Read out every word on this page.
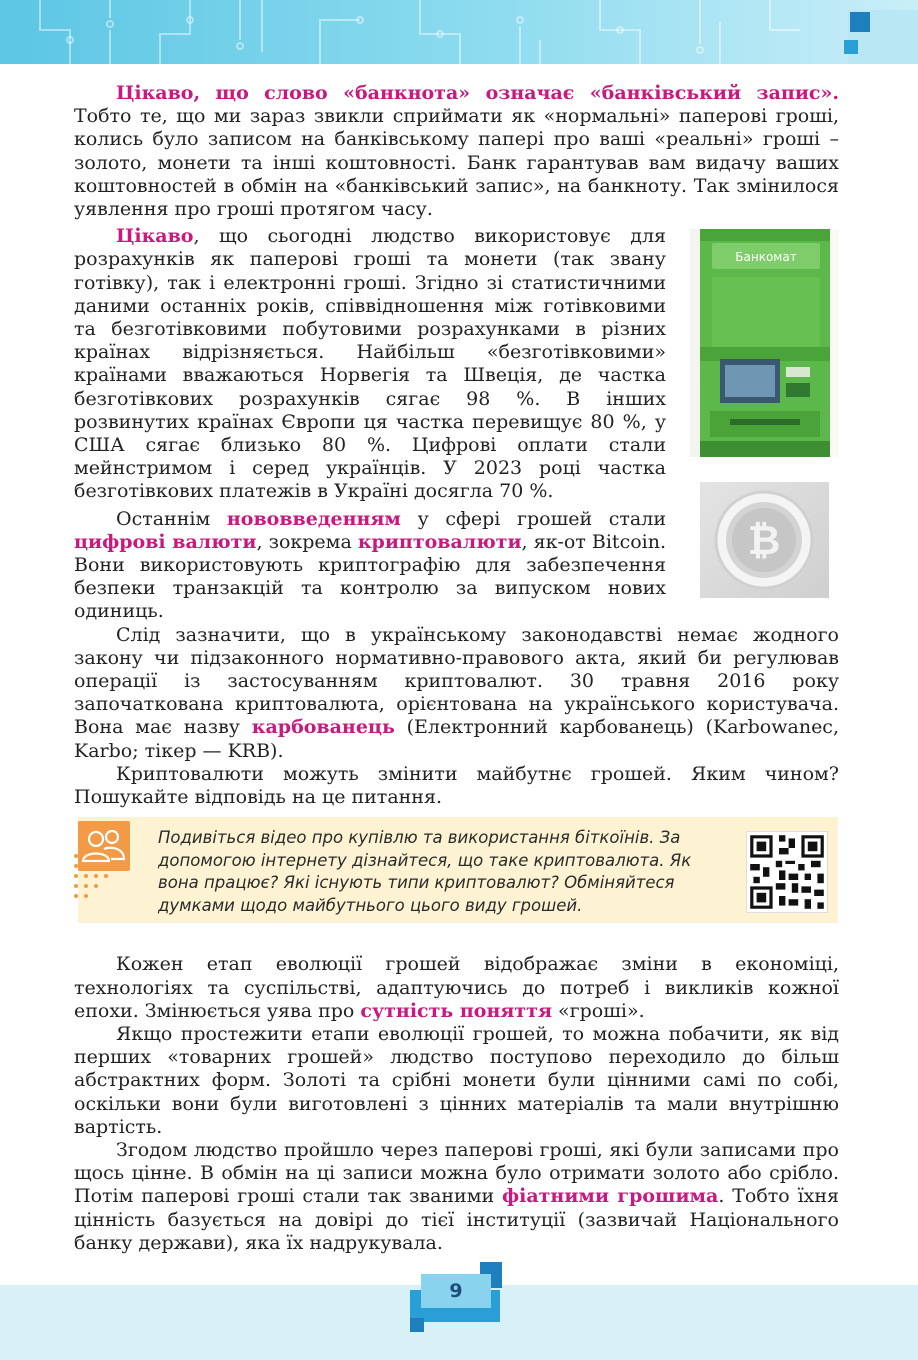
Цікаво, що слово «банкнота» означає «банківський запис». Тобто те, що ми зараз звикли сприймати як «нормальні» паперові гроші, колись було записом на банківському папері про ваші «реальні» гроші – золото, монети та інші коштовності. Банк гарантував вам видачу ваших коштовностей в обмін на «банківський запис», на банкноту. Так змінилося уявлення про гроші протягом часу.

Цікаво, що сьогодні людство використовує для розрахунків як паперові гроші та монети (так звану готівку), так і електронні гроші. Згідно зі статистичними даними останніх років, співвідношення між готівковими та безготівковими побутовими розрахунками в різних країнах відрізняється. Найбільш «безготівковими» країнами вважаються Норвегія та Швеція, де частка безготівкових розрахунків сягає 98 %. В інших розвинутих країнах Європи ця частка перевищує 80 %, у США сягає близько 80 %. Цифрові оплати стали мейнстримом і серед українців. У 2023 році частка безготівкових платежів в Україні досягла 70 %.

Останнім нововведенням у сфері грошей стали цифрові валюти, зокрема криптовалюти, як-от Bitcoin. Вони використовують криптографію для забезпечення безпеки транзакцій та контролю за випуском нових одиниць.

Слід зазначити, що в українському законодавстві немає жодного закону чи підзаконного нормативно-правового акта, який би регулював операції із застосуванням криптовалют. 30 травня 2016 року започаткована криптовалюта, орієнтована на українського користувача. Вона має назву карбованець (Електронний карбованець) (Karbowanec, Karbo; тікер — KRB).

Криптовалюти можуть змінити майбутнє грошей. Яким чином? Пошукайте відповідь на це питання.

Кожен етап еволюції грошей відображає зміни в економіці, технологіях та суспільстві, адаптуючись до потреб і викликів кожної епохи. Змінюється уява про сутність поняття «гроші».

Якщо простежити етапи еволюції грошей, то можна побачити, як від перших «товарних грошей» людство поступово переходило до більш абстрактних форм. Золоті та срібні монети були цінними самі по собі, оскільки вони були виготовлені з цінних матеріалів та мали внутрішню вартість.

Згодом людство пройшло через паперові гроші, які були записами про щось цінне. В обмін на ці записи можна було отримати золото або срібло. Потім паперові гроші стали так званими фіатними грошима. Тобто їхня цінність базується на довірі до тієї інституції (зазвичай Національного банку держави), яка їх надрукувала.

Банкомат
₿
Подивіться відео про купівлю та використання біткоїнів. За допомогою інтернету дізнайтеся, що таке криптовалюта. Як вона працює? Які існують типи криптовалют? Обміняйтеся думками щодо майбутнього цього виду грошей.
9
